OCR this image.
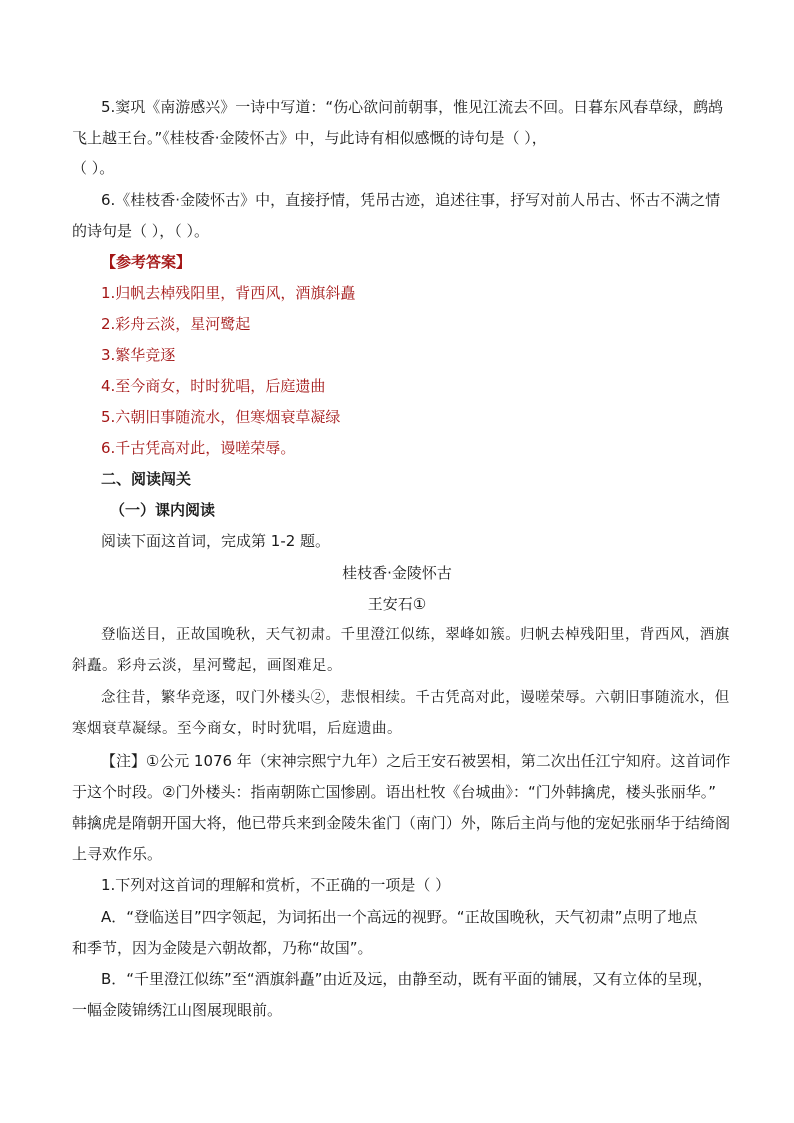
5.窦巩《南游感兴》一诗中写道：“伤心欲问前朝事，惟见江流去不回。日暮东风春草绿，鹧鸪
飞上越王台。”《桂枝香·金陵怀古》中，与此诗有相似感慨的诗句是（ ），
（ ）。
6.《桂枝香·金陵怀古》中，直接抒情，凭吊古迹，追述往事，抒写对前人吊古、怀古不满之情
的诗句是（ ），（ ）。
【参考答案】
1.归帆去棹残阳里，背西风，酒旗斜矗
2.彩舟云淡，星河鹭起
3.繁华竞逐
4.至今商女，时时犹唱，后庭遗曲
5.六朝旧事随流水，但寒烟衰草凝绿
6.千古凭高对此，谩嗟荣辱。
二、阅读闯关
（一）课内阅读
阅读下面这首词，完成第 1-2 题。
桂枝香·金陵怀古
王安石①
登临送目，正故国晚秋，天气初肃。千里澄江似练，翠峰如簇。归帆去棹残阳里，背西风，酒旗
斜矗。彩舟云淡，星河鹭起，画图难足。
念往昔，繁华竞逐，叹门外楼头②，悲恨相续。千古凭高对此，谩嗟荣辱。六朝旧事随流水，但
寒烟衰草凝绿。至今商女，时时犹唱，后庭遗曲。
【注】①公元 1076 年（宋神宗熙宁九年）之后王安石被罢相，第二次出任江宁知府。这首词作
于这个时段。②门外楼头：指南朝陈亡国惨剧。语出杜牧《台城曲》：“门外韩擒虎，楼头张丽华。”
韩擒虎是隋朝开国大将，他已带兵来到金陵朱雀门（南门）外，陈后主尚与他的宠妃张丽华于结绮阁
上寻欢作乐。
1.下列对这首词的理解和赏析，不正确的一项是（ ）
A．“登临送目”四字领起，为词拓出一个高远的视野。“正故国晚秋，天气初肃”点明了地点
和季节，因为金陵是六朝故都，乃称“故国”。
B．“千里澄江似练”至“酒旗斜矗”由近及远，由静至动，既有平面的铺展，又有立体的呈现，
一幅金陵锦绣江山图展现眼前。
